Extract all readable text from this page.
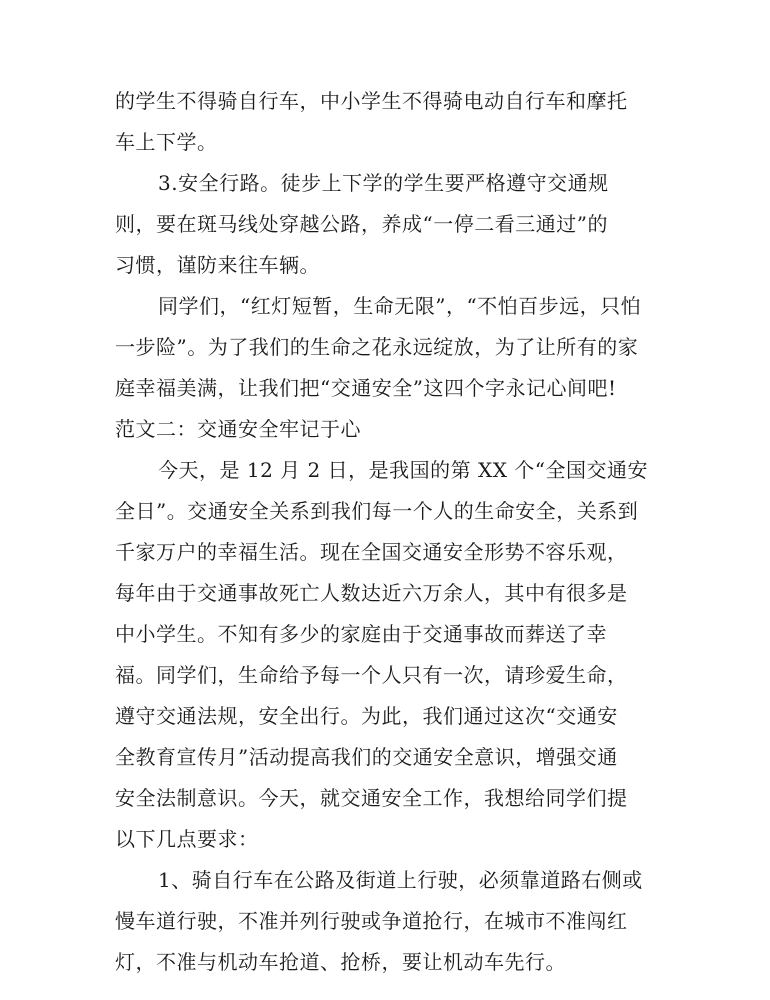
的学生不得骑自行车，中小学生不得骑电动自行车和摩托
车上下学。
3.安全行路。徒步上下学的学生要严格遵守交通规
则，要在斑马线处穿越公路，养成“一停二看三通过”的
习惯，谨防来往车辆。
同学们，“红灯短暂，生命无限”，“不怕百步远，只怕
一步险”。为了我们的生命之花永远绽放，为了让所有的家
庭幸福美满，让我们把“交通安全”这四个字永记心间吧!
范文二：交通安全牢记于心
今天，是 12 月 2 日，是我国的第 XX 个“全国交通安
全日”。交通安全关系到我们每一个人的生命安全，关系到
千家万户的幸福生活。现在全国交通安全形势不容乐观，
每年由于交通事故死亡人数达近六万余人，其中有很多是
中小学生。不知有多少的家庭由于交通事故而葬送了幸
福。同学们，生命给予每一个人只有一次，请珍爱生命，
遵守交通法规，安全出行。为此，我们通过这次“交通安
全教育宣传月”活动提高我们的交通安全意识，增强交通
安全法制意识。今天，就交通安全工作，我想给同学们提
以下几点要求：
1、骑自行车在公路及街道上行驶，必须靠道路右侧或
慢车道行驶，不准并列行驶或争道抢行，在城市不准闯红
灯，不准与机动车抢道、抢桥，要让机动车先行。
